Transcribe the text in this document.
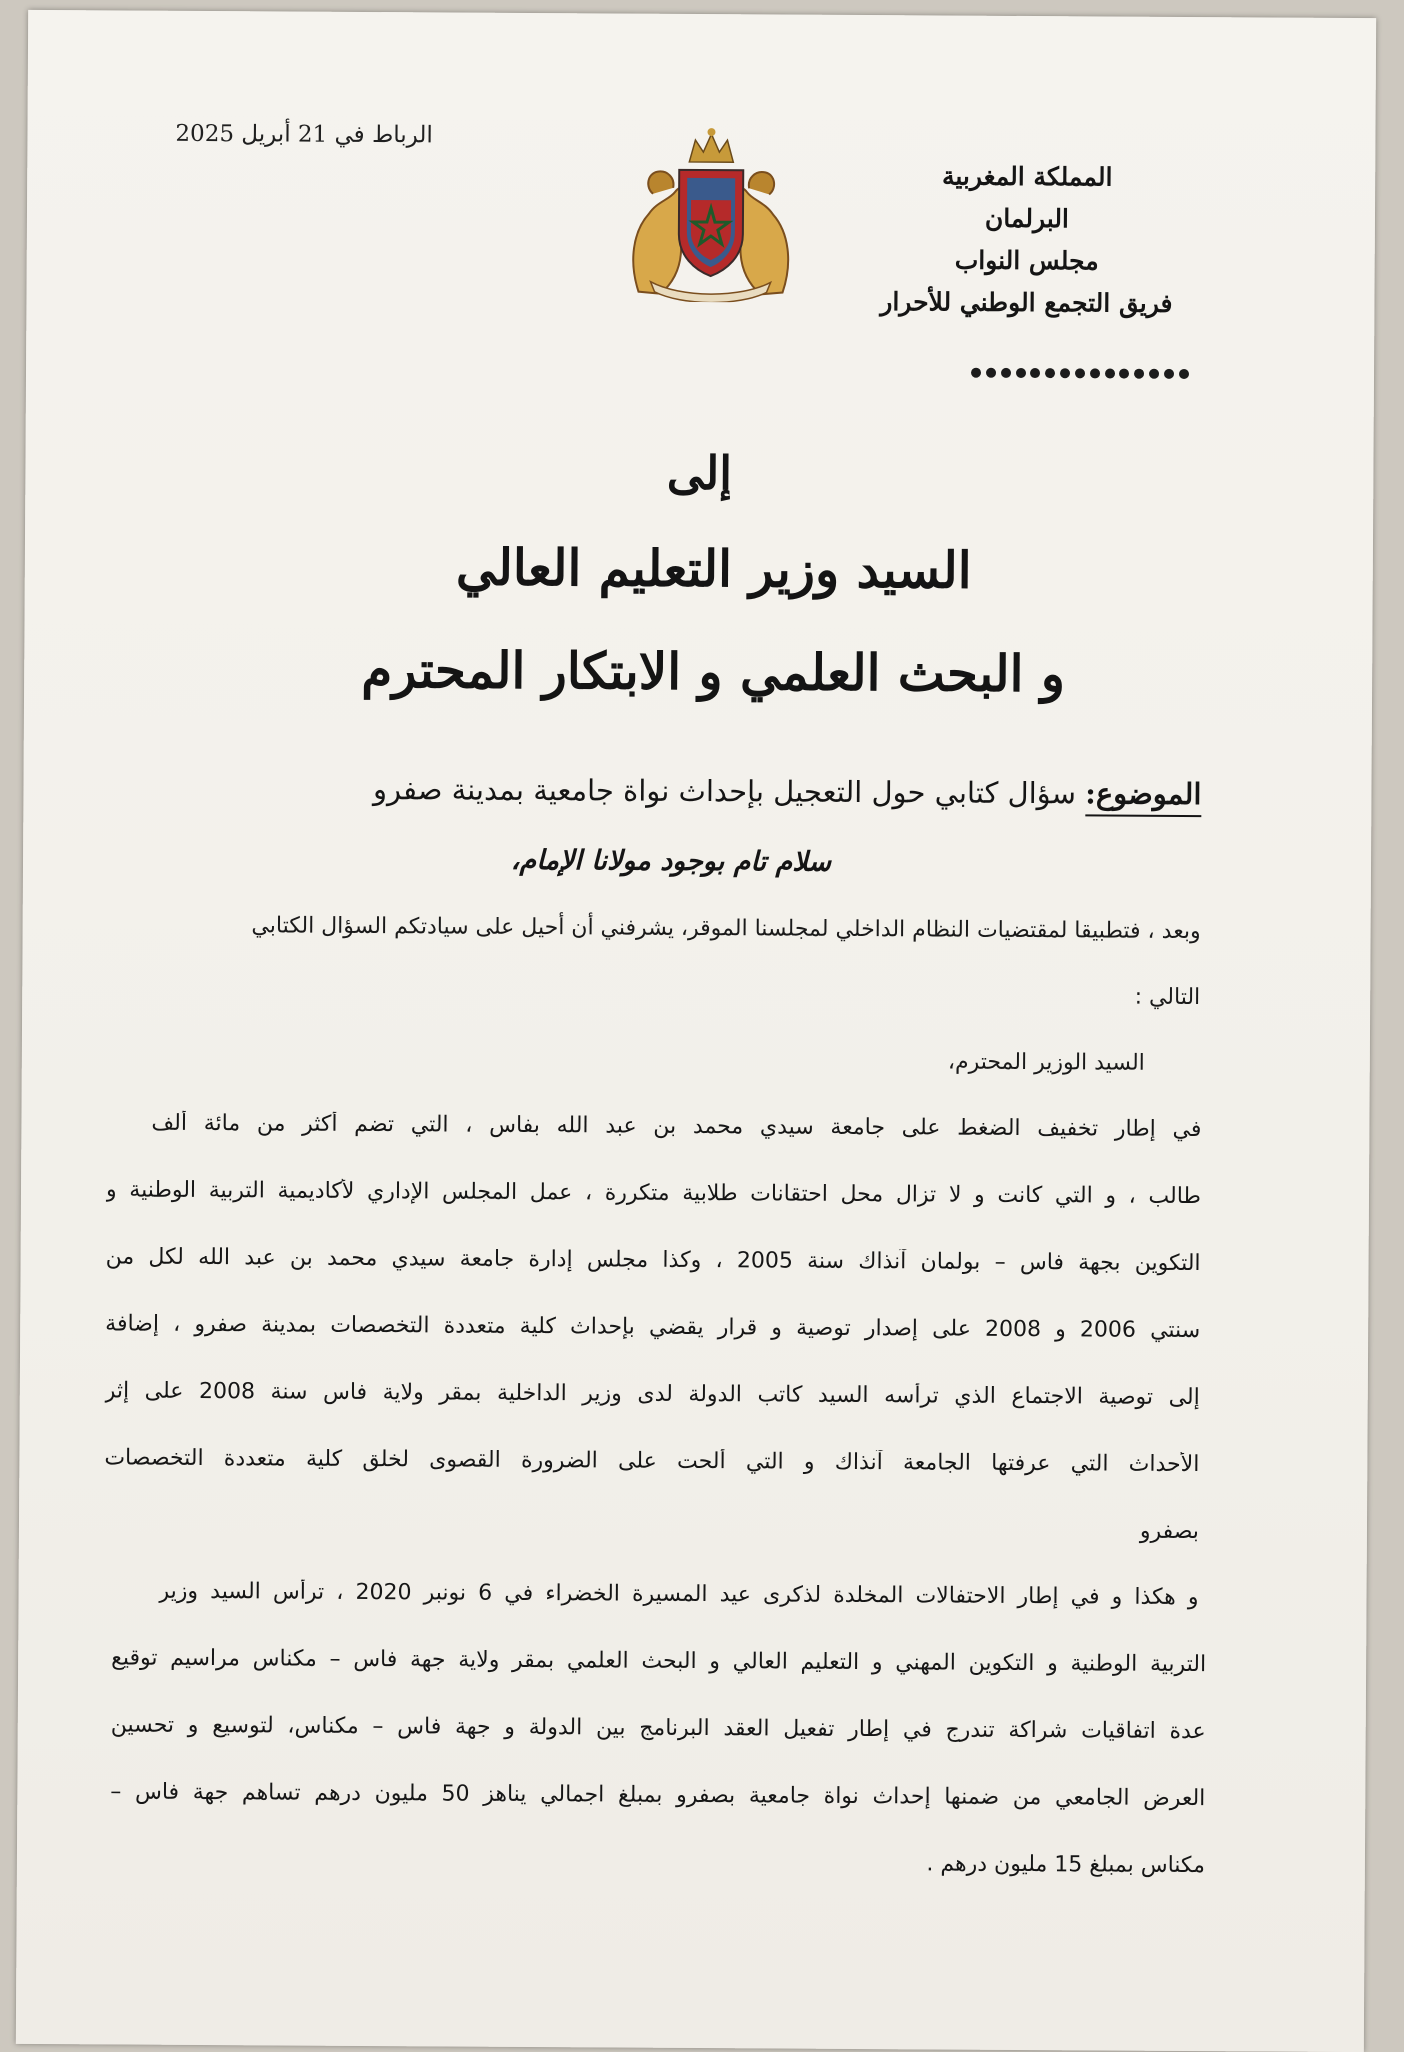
الرباط في 21 أبريل 2025
المملكة المغربية
البرلمان
مجلس النواب
فريق التجمع الوطني للأحرار
إلى
السيد وزير التعليم العالي
و البحث العلمي و الابتكار المحترم
الموضوع: سؤال كتابي حول التعجيل بإحداث نواة جامعية بمدينة صفرو
سلام تام بوجود مولانا الإمام،
وبعد ، فتطبيقا لمقتضيات النظام الداخلي لمجلسنا الموقر، يشرفني أن أحيل على سيادتكم السؤال الكتابي
التالي :
السيد الوزير المحترم،
في إطار تخفيف الضغط على جامعة سيدي محمد بن عبد الله بفاس ، التي تضم أكثر من مائة ألف
طالب ، و التي كانت و لا تزال محل احتقانات طلابية متكررة ، عمل المجلس الإداري لأكاديمية التربية الوطنية و
التكوين بجهة فاس – بولمان آنذاك سنة 2005 ، وكذا مجلس إدارة جامعة سيدي محمد بن عبد الله لكل من
سنتي 2006 و 2008 على إصدار توصية و قرار يقضي بإحداث كلية متعددة التخصصات بمدينة صفرو ، إضافة
إلى توصية الاجتماع الذي ترأسه السيد كاتب الدولة لدى وزير الداخلية بمقر ولاية فاس سنة 2008 على إثر
الأحداث التي عرفتها الجامعة آنذاك و التي ألحت على الضرورة القصوى لخلق كلية متعددة التخصصات
بصفرو
و هكذا و في إطار الاحتفالات المخلدة لذكرى عيد المسيرة الخضراء في 6 نونبر 2020 ، ترأس السيد وزير
التربية الوطنية و التكوين المهني و التعليم العالي و البحث العلمي بمقر ولاية جهة فاس – مكناس مراسيم توقيع
عدة اتفاقيات شراكة تندرج في إطار تفعيل العقد البرنامج بين الدولة و جهة فاس – مكناس، لتوسيع و تحسين
العرض الجامعي من ضمنها إحداث نواة جامعية بصفرو بمبلغ اجمالي يناهز 50 مليون درهم تساهم جهة فاس –
مكناس بمبلغ 15 مليون درهم .
